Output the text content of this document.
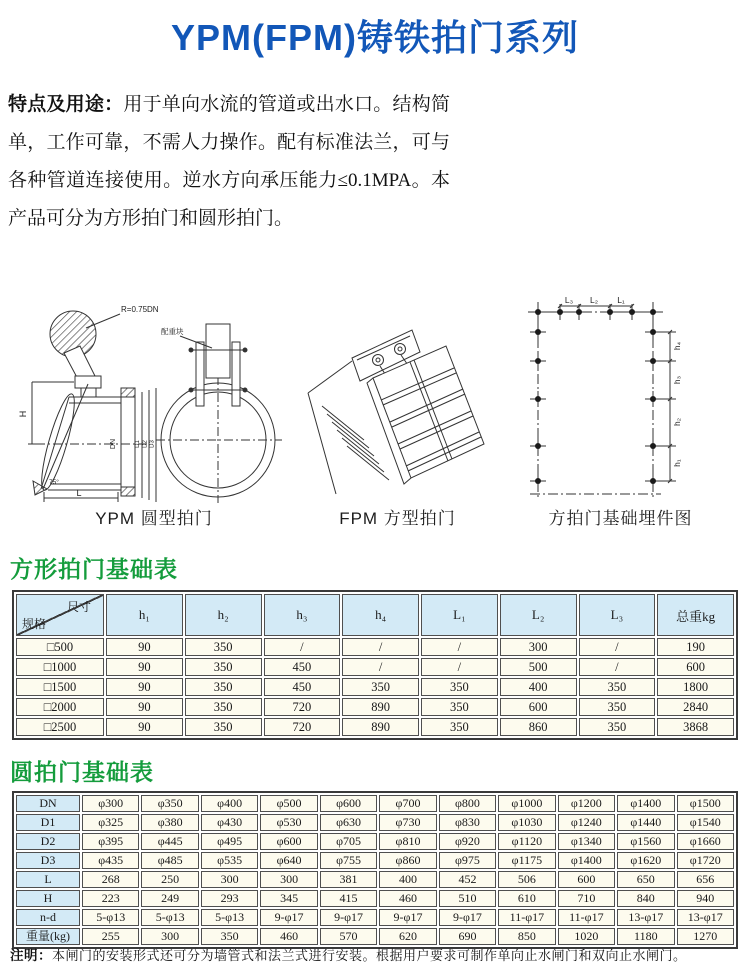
YPM(FPM)铸铁拍门系列

特点及用途：用于单向水流的管道或出水口。结构简单，工作可靠，不需人力操作。配有标准法兰，可与各种管道连接使用。逆水方向承压能力≤0.1MPA。本产品可分为方形拍门和圆形拍门。

R=0.75DN
配重块
H
DN	D1 D2 D3
75°
L
YPM 圆型拍门	FPM 方型拍门
L₃ L₂ L₁
h₄
h₃
h₂
h₁
方拍门基础埋件图
方形拍门基础表
尺寸
规格	h₁	h₂	h₃	h₄	L₁	L₂	L₃	总重kg
□500	90	350	/	/	/	300	/	190
□1000	90	350	450	/	/	500	/	600
□1500	90	350	450	350	350	400	350	1800
□2000	90	350	720	890	350	600	350	2840
□2500	90	350	720	890	350	860	350	3868
圆拍门基础表
DN	φ300	φ350	φ400	φ500	φ600	φ700	φ800	φ1000	φ1200	φ1400	φ1500
D1	φ325	φ380	φ430	φ530	φ630	φ730	φ830	φ1030	φ1240	φ1440	φ1540
D2	φ395	φ445	φ495	φ600	φ705	φ810	φ920	φ1120	φ1340	φ1560	φ1660
D3	φ435	φ485	φ535	φ640	φ755	φ860	φ975	φ1175	φ1400	φ1620	φ1720
L	268	250	300	300	381	400	452	506	600	650	656
H	223	249	293	345	415	460	510	610	710	840	940
n-d	5-φ13	5-φ13	5-φ13	9-φ17	9-φ17	9-φ17	9-φ17	11-φ17	11-φ17	13-φ17	13-φ17
重量(kg)	255	300	350	460	570	620	690	850	1020	1180	1270

注明：本闸门的安装形式还可分为墙管式和法兰式进行安装。根据用户要求可制作单向止水闸门和双向止水闸门。
